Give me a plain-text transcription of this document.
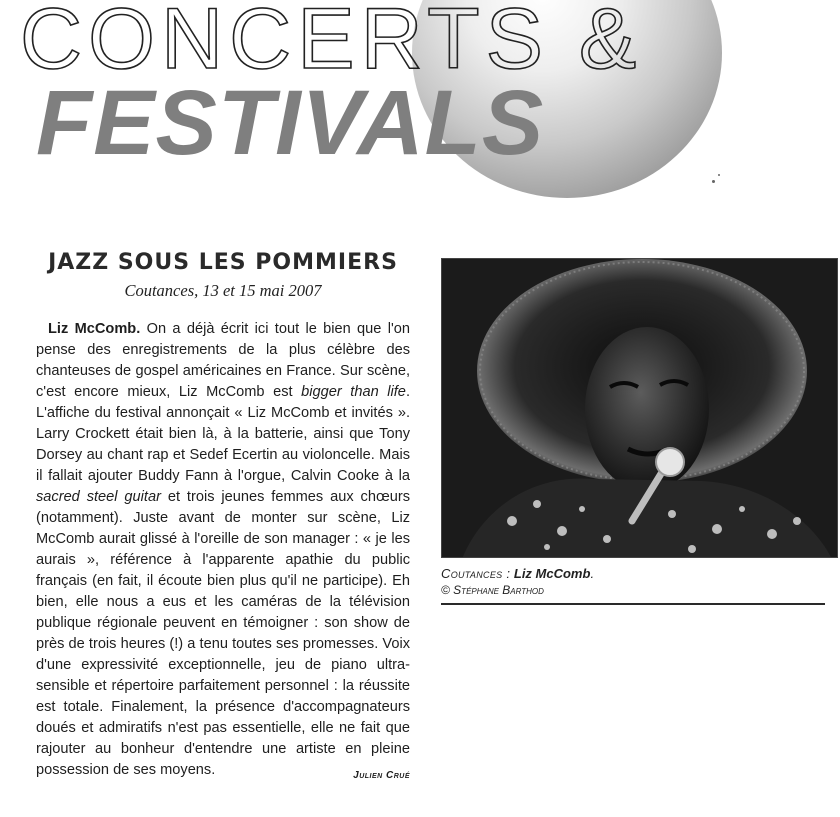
CONCERTS &
FESTIVALS
JAZZ SOUS LES POMMIERS
Coutances, 13 et 15 mai 2007

Liz McComb. On a déjà écrit ici tout le bien que l'on pense des enregistrements de la plus célèbre des chanteuses de gospel américaines en France. Sur scène, c'est encore mieux, Liz McComb est bigger than life. L'affiche du festival annonçait « Liz McComb et invités ». Larry Crockett était bien là, à la batterie, ainsi que Tony Dorsey au chant rap et Sedef Ecertin au violoncelle. Mais il fallait ajouter Buddy Fann à l'orgue, Calvin Cooke à la sacred steel guitar et trois jeunes femmes aux chœurs (notamment). Juste avant de monter sur scène, Liz McComb aurait glissé à l'oreille de son manager : « je les aurais », référence à l'apparente apathie du public français (en fait, il écoute bien plus qu'il ne participe). Eh bien, elle nous a eus et les caméras de la télévision publique régionale peuvent en témoigner : son show de près de trois heures (!) a tenu toutes ses promesses. Voix d'une expressivité exceptionnelle, jeu de piano ultra-sensible et répertoire parfaitement personnel : la réussite est totale. Finalement, la présence d'accompagnateurs doués et admiratifs n'est pas essentielle, elle ne fait que rajouter au bonheur d'entendre une artiste en pleine possession de ses moyens.	Julien Crué

Coutances : Liz McComb.
© Stéphane Barthod
